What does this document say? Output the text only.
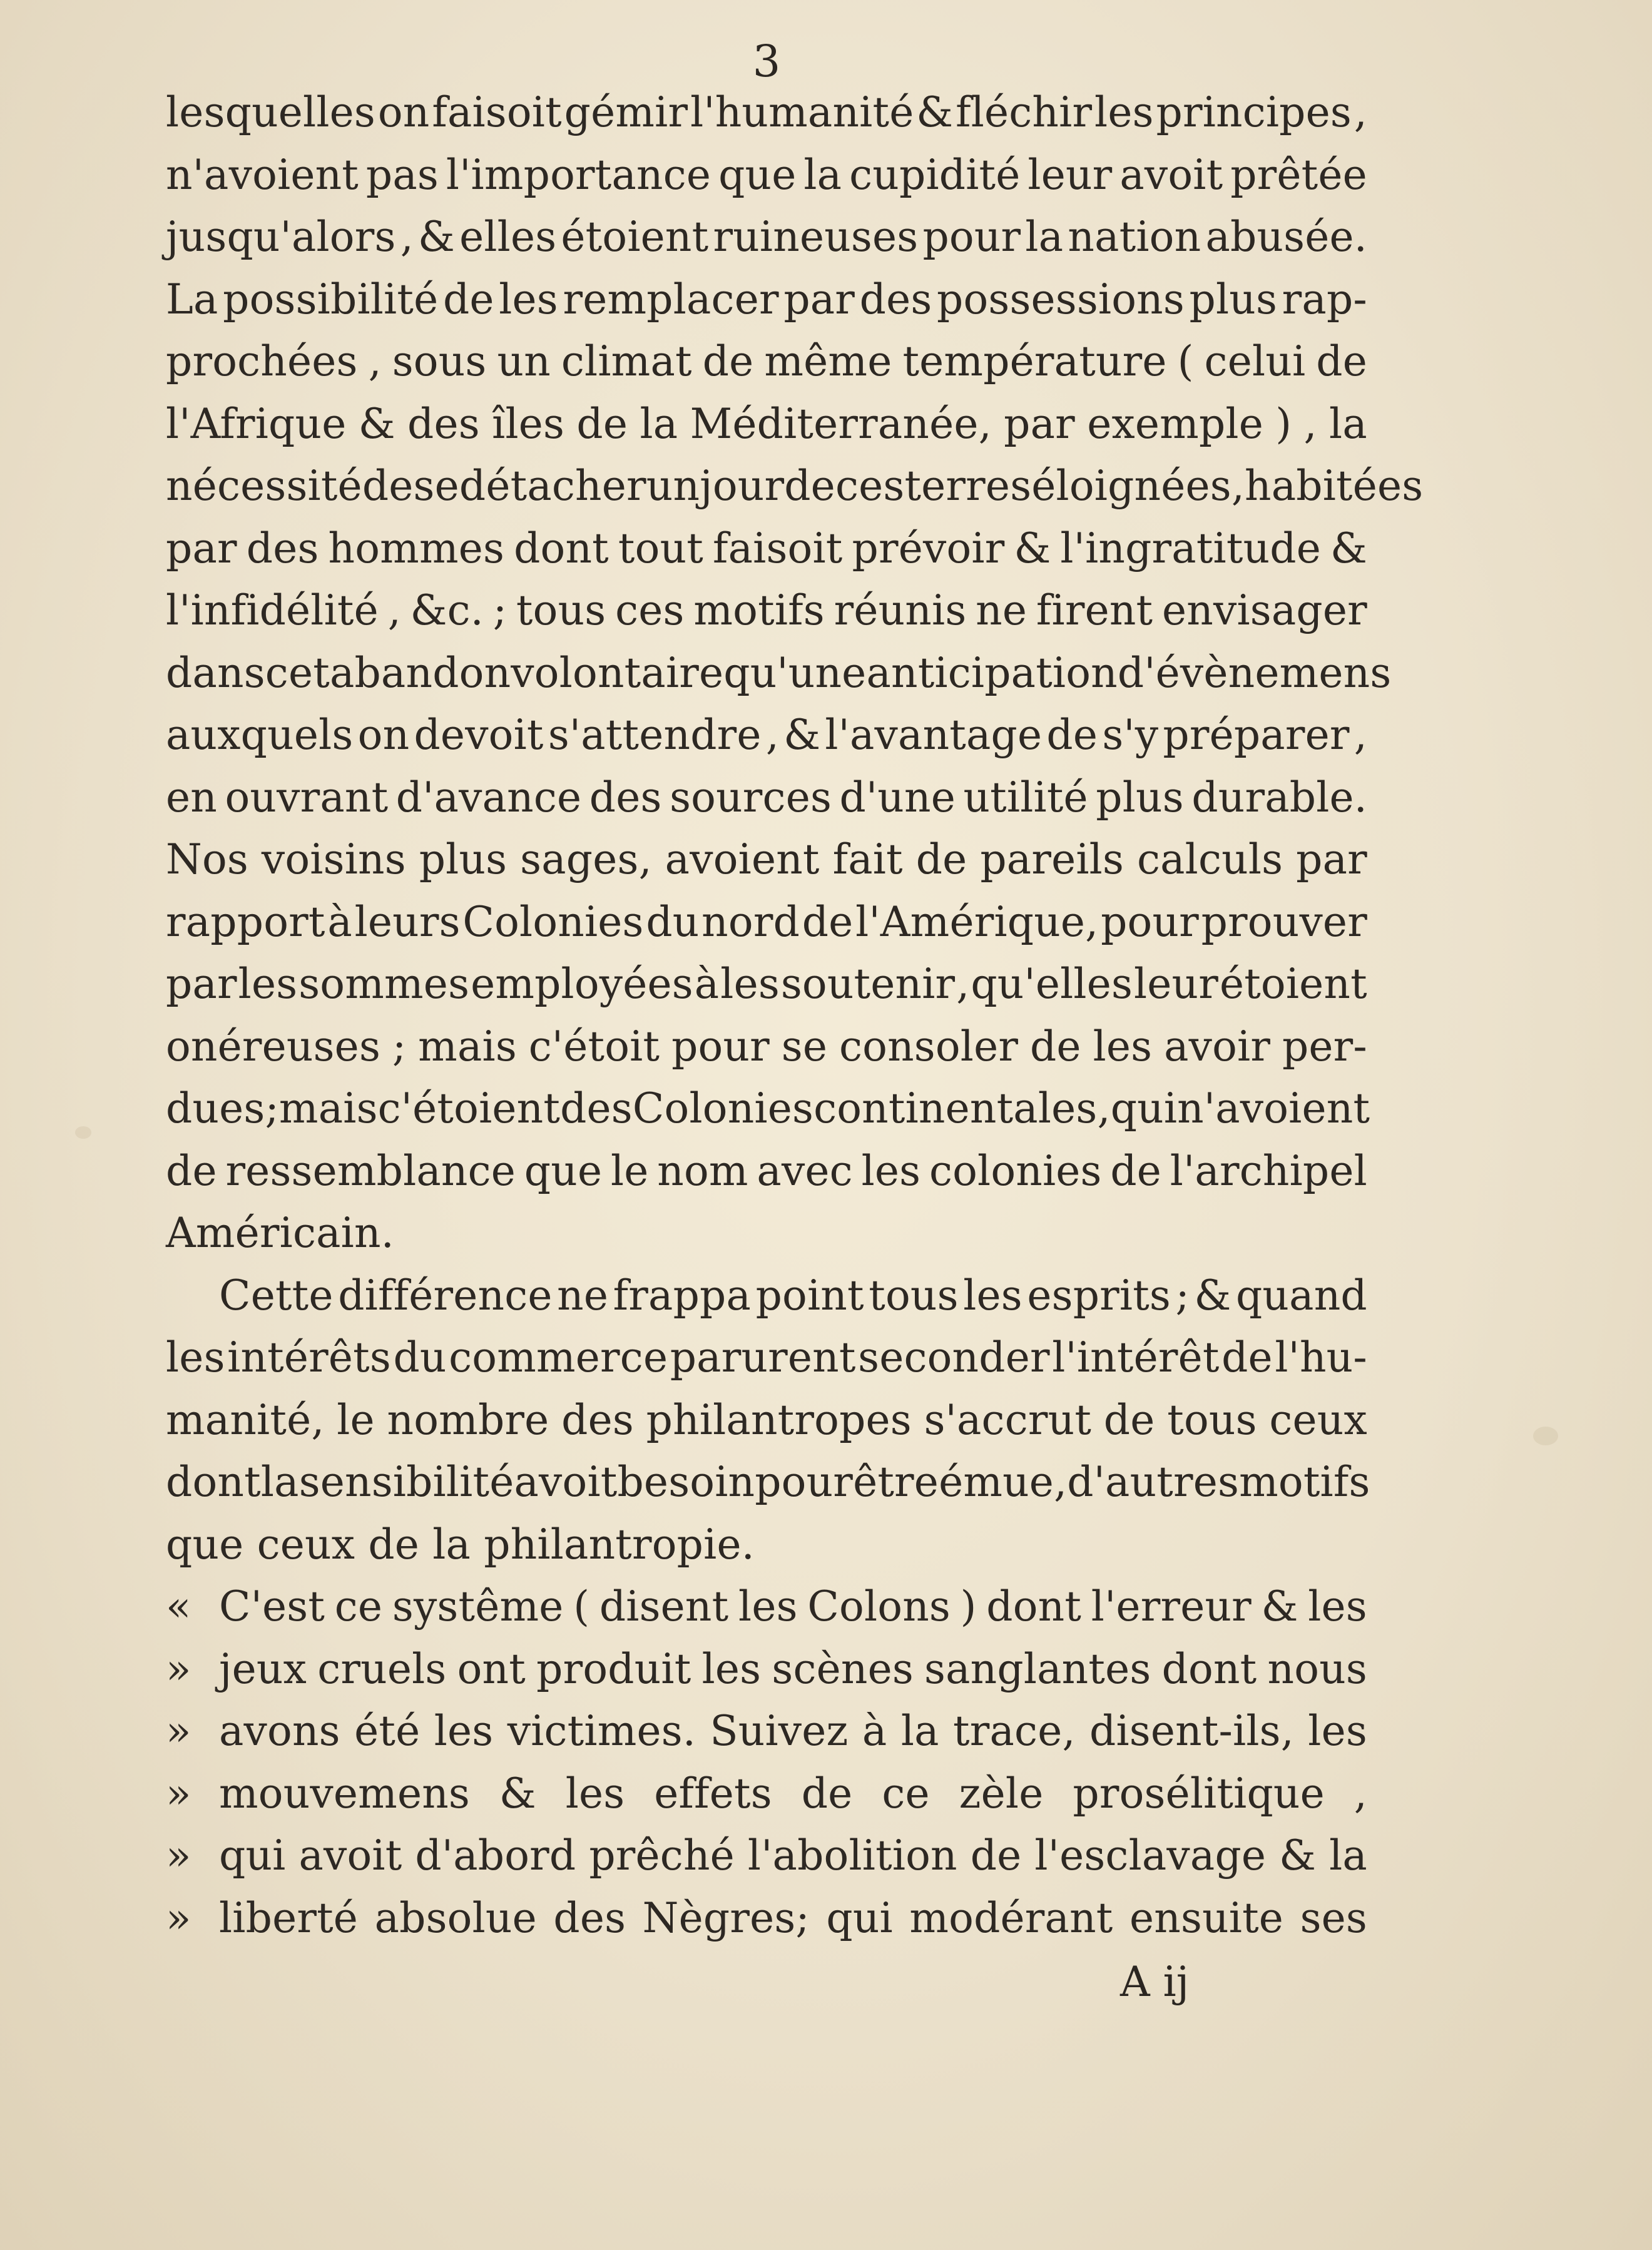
3
lesquelles on faisoit gémir l'humanité & fléchir les principes ,
n'avoient pas l'importance que la cupidité leur avoit prêtée
jusqu'alors , & elles étoient ruineuses pour la nation abusée.
La possibilité de les remplacer par des possessions plus rap-
prochées , sous un climat de même température ( celui de
l'Afrique & des îles de la Méditerranée, par exemple ) , la
nécessité de se détacher un jour de ces terres éloignées, habitées
par des hommes dont tout faisoit prévoir & l'ingratitude &
l'infidélité , &c. ; tous ces motifs réunis ne firent envisager
dans cet abandon volontaire qu'une anticipation d'évènemens
auxquels on devoit s'attendre , & l'avantage de s'y préparer ,
en ouvrant d'avance des sources d'une utilité plus durable.
Nos voisins plus sages, avoient fait de pareils calculs par
rapport à leurs Colonies du nord de l'Amérique, pour prouver
par les sommes employées à les soutenir , qu'elles leur étoient
onéreuses ; mais c'étoit pour se consoler de les avoir per-
dues; mais c'étoient des Colonies continentales, qui n'avoient
de ressemblance que le nom avec les colonies de l'archipel
Américain.
Cette différence ne frappa point tous les esprits ; & quand
les intérêts du commerce parurent seconder l'intérêt de l'hu-
manité, le nombre des philantropes s'accrut de tous ceux
dont la sensibilité avoit besoin pour être émue, d'autres motifs
que ceux de la philantropie.
« C'est ce systême ( disent les Colons ) dont l'erreur & les
» jeux cruels ont produit les scènes sanglantes dont nous
» avons été les victimes. Suivez à la trace, disent-ils, les
» mouvemens & les effets de ce zèle prosélitique ,
» qui avoit d'abord prêché l'abolition de l'esclavage & la
» liberté absolue des Nègres; qui modérant ensuite ses
A ij
